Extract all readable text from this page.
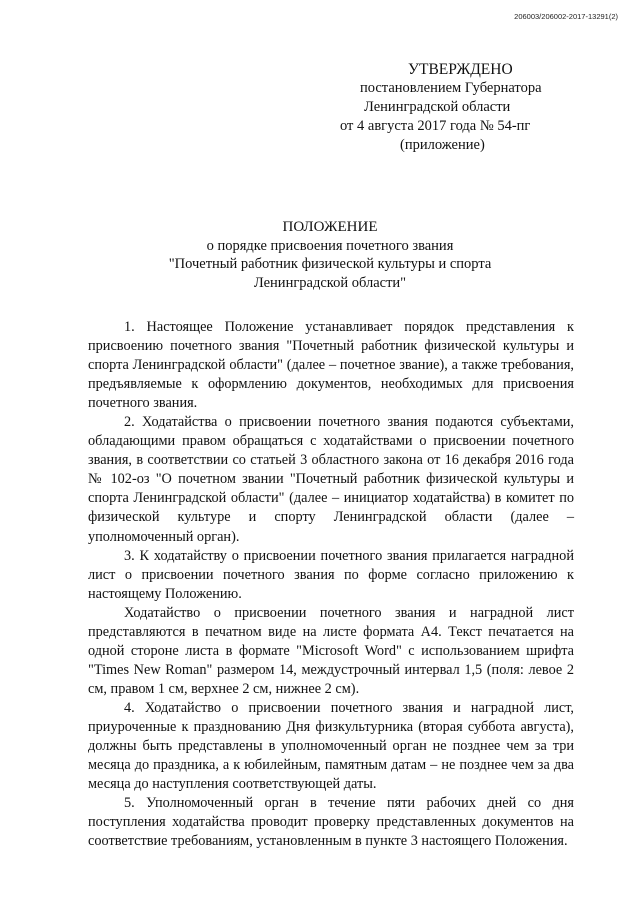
206003/206002-2017-13291(2)
УТВЕРЖДЕНО
постановлением Губернатора
Ленинградской области
от 4 августа 2017 года № 54-пг
(приложение)
ПОЛОЖЕНИЕ
о порядке присвоения почетного звания
"Почетный работник физической культуры и спорта
Ленинградской области"

1. Настоящее Положение устанавливает порядок представления к присвоению почетного звания "Почетный работник физической культуры и спорта Ленинградской области" (далее – почетное звание), а также требования, предъявляемые к оформлению документов, необходимых для присвоения почетного звания.

2. Ходатайства о присвоении почетного звания подаются субъектами, обладающими правом обращаться с ходатайствами о присвоении почетного звания, в соответствии со статьей 3 областного закона от 16 декабря 2016 года № 102-оз "О почетном звании "Почетный работник физической культуры и спорта Ленинградской области" (далее – инициатор ходатайства) в комитет по физической культуре и спорту Ленинградской области (далее – уполномоченный орган).

3. К ходатайству о присвоении почетного звания прилагается наградной лист о присвоении почетного звания по форме согласно приложению к настоящему Положению.

Ходатайство о присвоении почетного звания и наградной лист представляются в печатном виде на листе формата А4. Текст печатается на одной стороне листа в формате "Microsoft Word" с использованием шрифта "Times New Roman" размером 14, междустрочный интервал 1,5 (поля: левое 2 см, правом 1 см, верхнее 2 см, нижнее 2 см).

4. Ходатайство о присвоении почетного звания и наградной лист, приуроченные к празднованию Дня физкультурника (вторая суббота августа), должны быть представлены в уполномоченный орган не позднее чем за три месяца до праздника, а к юбилейным, памятным датам – не позднее чем за два месяца до наступления соответствующей даты.

5. Уполномоченный орган в течение пяти рабочих дней со дня поступления ходатайства проводит проверку представленных документов на соответствие требованиям, установленным в пункте 3 настоящего Положения.
